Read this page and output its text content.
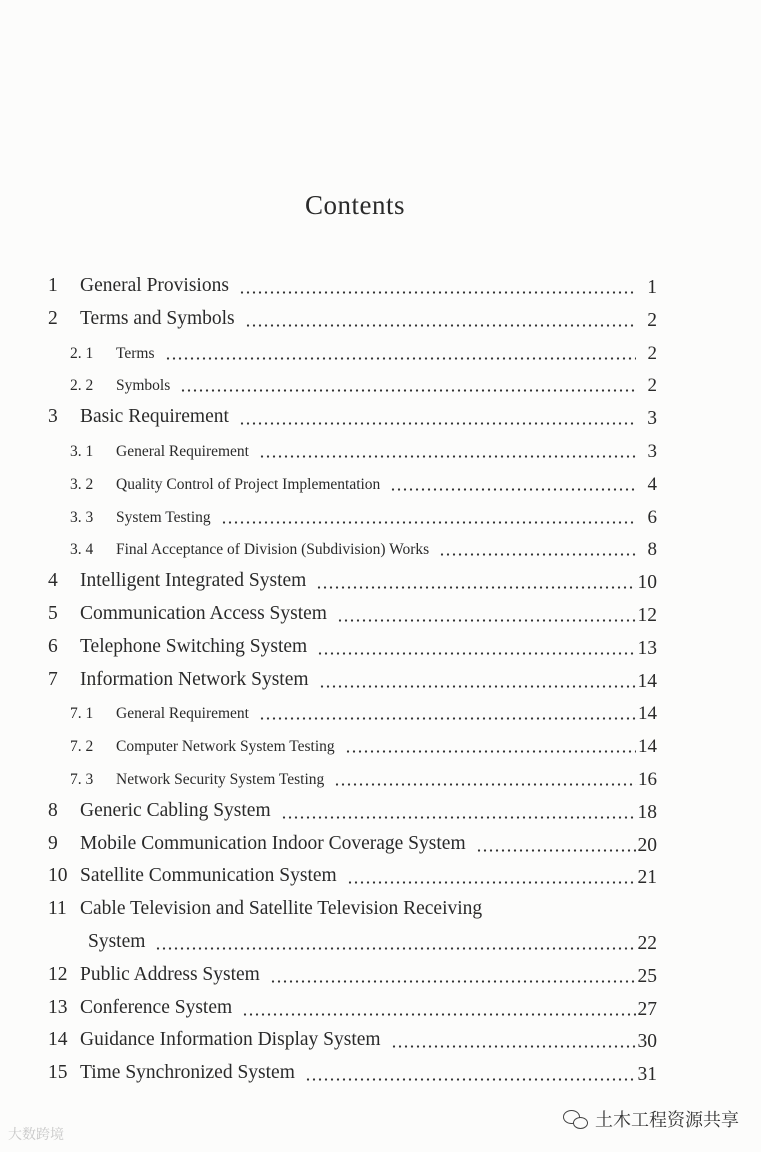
Contents
1 General Provisions	1
2 Terms and Symbols	2
2. 1 Terms	2
2. 2 Symbols	2
3 Basic Requirement	3
3. 1 General Requirement	3
3. 2 Quality Control of Project Implementation	4
3. 3 System Testing	6
3. 4 Final Acceptance of Division (Subdivision) Works	8
4 Intelligent Integrated System	10
5 Communication Access System	12
6 Telephone Switching System	13
7 Information Network System	14
7. 1 General Requirement	14
7. 2 Computer Network System Testing	14
7. 3 Network Security System Testing	16
8 Generic Cabling System	18
9 Mobile Communication Indoor Coverage System	20
10 Satellite Communication System	21
11 Cable Television and Satellite Television Receiving
System	22
12 Public Address System	25
13 Conference System	27
14 Guidance Information Display System	30
15 Time Synchronized System	31
大数跨境
土木工程资源共享
